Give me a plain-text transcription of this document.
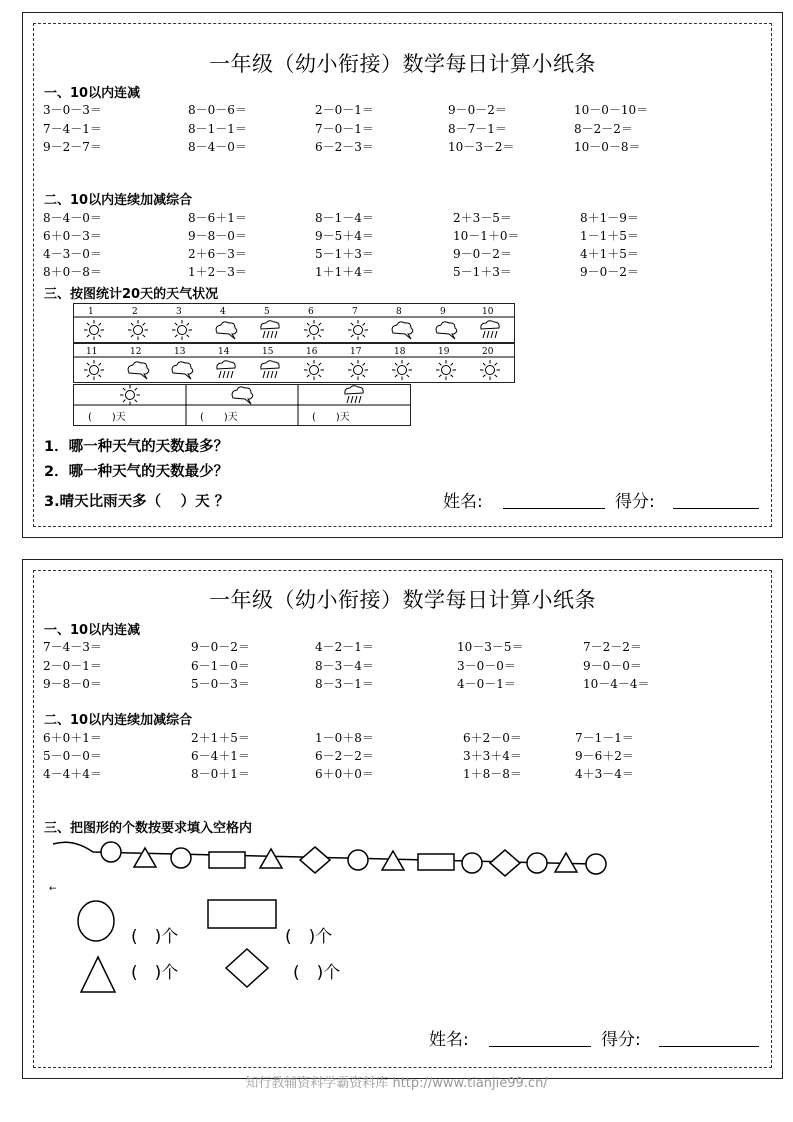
一年级（幼小衔接）数学每日计算小纸条
一、10以内连减
二、10以内连续加减综合
三、按图统计20天的天气状况
1	2	3	4	5	6	7	8	9	10
11	12	13	14	15	16	17	18	19	20
(　　)天	(　　)天	(　　)天
1．哪一种天气的天数最多？
2．哪一种天气的天数最少？
3.晴天比雨天多（　 ）天 ？	姓名:	得分:
3－0－3＝	8－0－6＝	2－0－1＝	9－0－2＝	10－0－10＝
7－4－1＝	8－1－1＝	7－0－1＝	8－7－1＝	8－2－2＝
9－2－7＝	8－4－0＝	6－2－3＝	10－3－2＝	10－0－8＝
8－4－0＝	8－6＋1＝	8－1－4＝	2＋3－5＝	8＋1－9＝
6＋0－3＝	9－8－0＝	9－5＋4＝	10－1＋0＝	1－1＋5＝
4－3－0＝	2＋6－3＝	5－1＋3＝	9－0－2＝	4＋1＋5＝
8＋0－8＝	1＋2－3＝	1＋1＋4＝	5－1＋3＝	9－0－2＝
一年级（幼小衔接）数学每日计算小纸条
一、10以内连减
二、10以内连续加减综合
三、把图形的个数按要求填入空格内
←
(　)个	(　)个
(　)个	(　)个
姓名:	得分:
7－4－3＝	9－0－2＝	4－2－1＝	10－3－5＝	7－2－2＝
2－0－1＝	6－1－0＝	8－3－4＝	3－0－0＝	9－0－0＝
9－8－0＝	5－0－3＝	8－3－1＝	4－0－1＝	10－4－4＝
6＋0＋1＝	2＋1＋5＝	1－0＋8＝	6＋2－0＝	7－1－1＝
5－0－0＝	6－4＋1＝	6－2－2＝	3＋3＋4＝	9－6＋2＝
4－4＋4＝	8－0＋1＝	6＋0＋0＝	1＋8－8＝	4＋3－4＝
知行教辅资料学霸资料库 http://www.tianjie99.cn/
